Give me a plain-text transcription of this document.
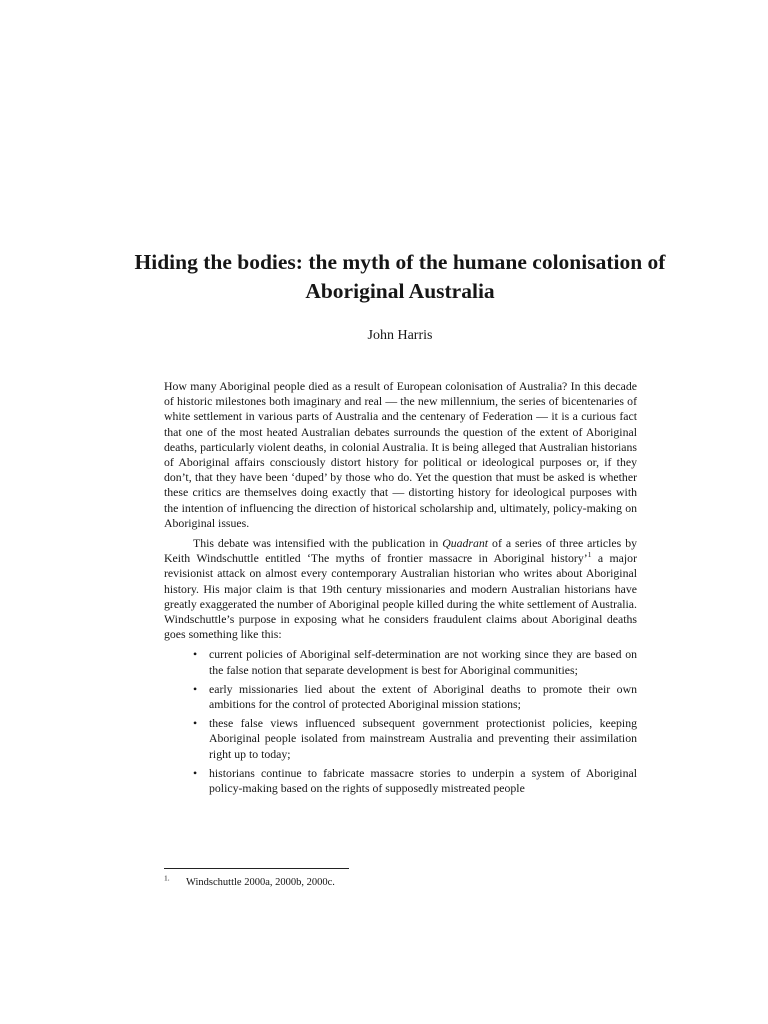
Hiding the bodies: the myth of the humane colonisation of Aboriginal Australia

John Harris

How many Aboriginal people died as a result of European colonisation of Australia? In this decade of historic milestones both imaginary and real — the new millennium, the series of bicentenaries of white settlement in various parts of Australia and the centenary of Federation — it is a curious fact that one of the most heated Australian debates surrounds the question of the extent of Aboriginal deaths, particularly violent deaths, in colonial Australia. It is being alleged that Australian historians of Aboriginal affairs consciously distort history for political or ideological purposes or, if they don’t, that they have been ‘duped’ by those who do. Yet the question that must be asked is whether these critics are themselves doing exactly that — distorting history for ideological purposes with the intention of influencing the direction of historical scholarship and, ultimately, policy-making on Aboriginal issues.

This debate was intensified with the publication in Quadrant of a series of three articles by Keith Windschuttle entitled ‘The myths of frontier massacre in Aboriginal history’$^1$ a major revisionist attack on almost every contemporary Australian historian who writes about Aboriginal history. His major claim is that 19th century missionaries and modern Australian historians have greatly exaggerated the number of Aboriginal people killed during the white settlement of Australia. Windschuttle’s purpose in exposing what he considers fraudulent claims about Aboriginal deaths goes something like this:

• current policies of Aboriginal self-determination are not working since they are based on the false notion that separate development is best for Aboriginal communities;
• early missionaries lied about the extent of Aboriginal deaths to promote their own ambitions for the control of protected Aboriginal mission stations;
• these false views influenced subsequent government protectionist policies, keeping Aboriginal people isolated from mainstream Australia and preventing their assimilation right up to today;
• historians continue to fabricate massacre stories to underpin a system of Aboriginal policy-making based on the rights of supposedly mistreated people
$^{1.}$ Windschuttle 2000a, 2000b, 2000c.
